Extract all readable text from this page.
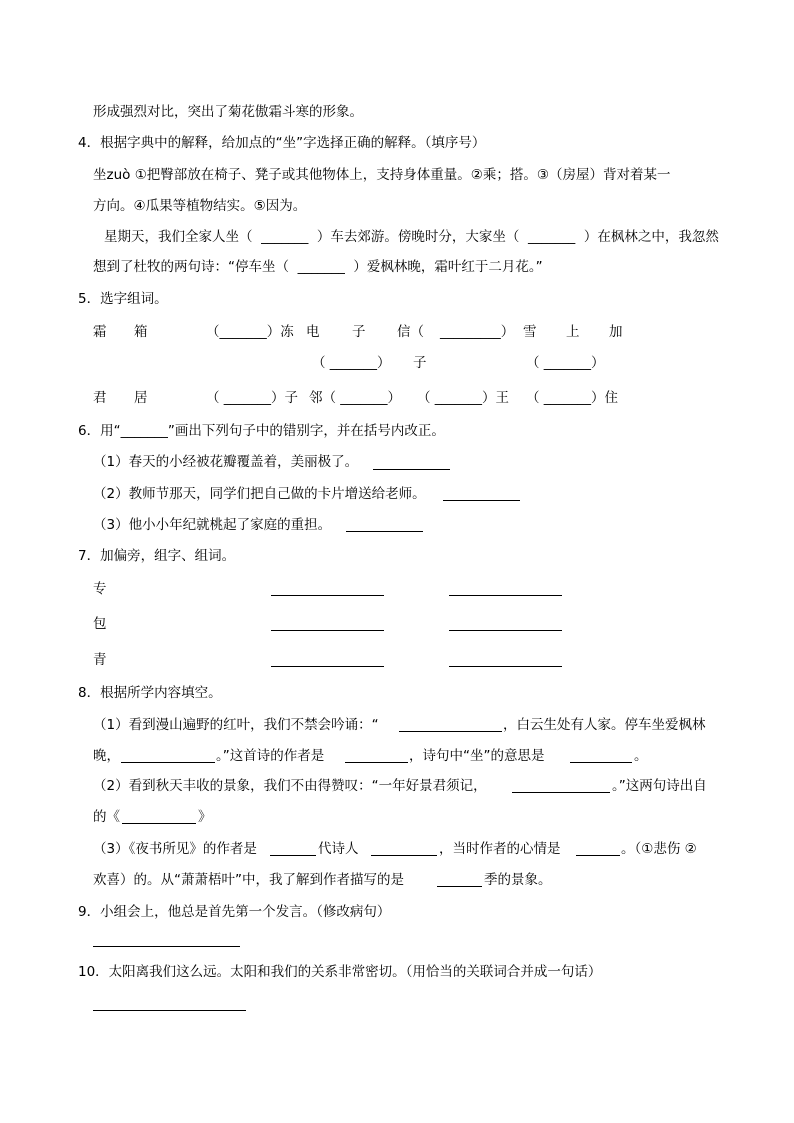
形成强烈对比，突出了菊花傲霜斗寒的形象。
4．根据字典中的解释，给加点的“坐”字选择正确的解释。（填序号）
坐zuò ①把臀部放在椅子、凳子或其他物体上，支持身体重量。②乘；搭。③（房屋）背对着某一
方向。④瓜果等植物结实。⑤因为。
星期天，我们全家人坐（  _______  ）车去郊游。傍晚时分，大家坐（  _______  ）在枫林之中，我忽然
想到了杜牧的两句诗：“停车坐（  _______  ）爱枫林晚，霜叶红于二月花。”
5．选字组词。
霜 箱	（_______）冻 电 子 信（ _________） 雪 上 加
（ _______） 子	（ _______）
君 居	（ _______）子 邻（ _______） （ _______）王 （ _______）住
6．用“_______”画出下列句子中的错别字，并在括号内改正。
（1）春天的小经被花瓣覆盖着，美丽极了。
（2）教师节那天，同学们把自己做的卡片增送给老师。
（3）他小小年纪就桃起了家庭的重担。
7．加偏旁，组字、组词。
专
包
青
8．根据所学内容填空。
（1）看到漫山遍野的红叶，我们不禁会吟诵：“	，白云生处有人家。停车坐爱枫林
晚，	。”这首诗的作者是	，诗句中“坐”的意思是	。
（2）看到秋天丰收的景象，我们不由得赞叹：“一年好景君须记，	。”这两句诗出自
的《	》
（3）《夜书所见》的作者是	代诗人	，当时作者的心情是	。（①悲伤 ②
欢喜）的。从“萧萧梧叶”中，我了解到作者描写的是	季的景象。
9．小组会上，他总是首先第一个发言。（修改病句）
10．太阳离我们这么远。太阳和我们的关系非常密切。（用恰当的关联词合并成一句话）
